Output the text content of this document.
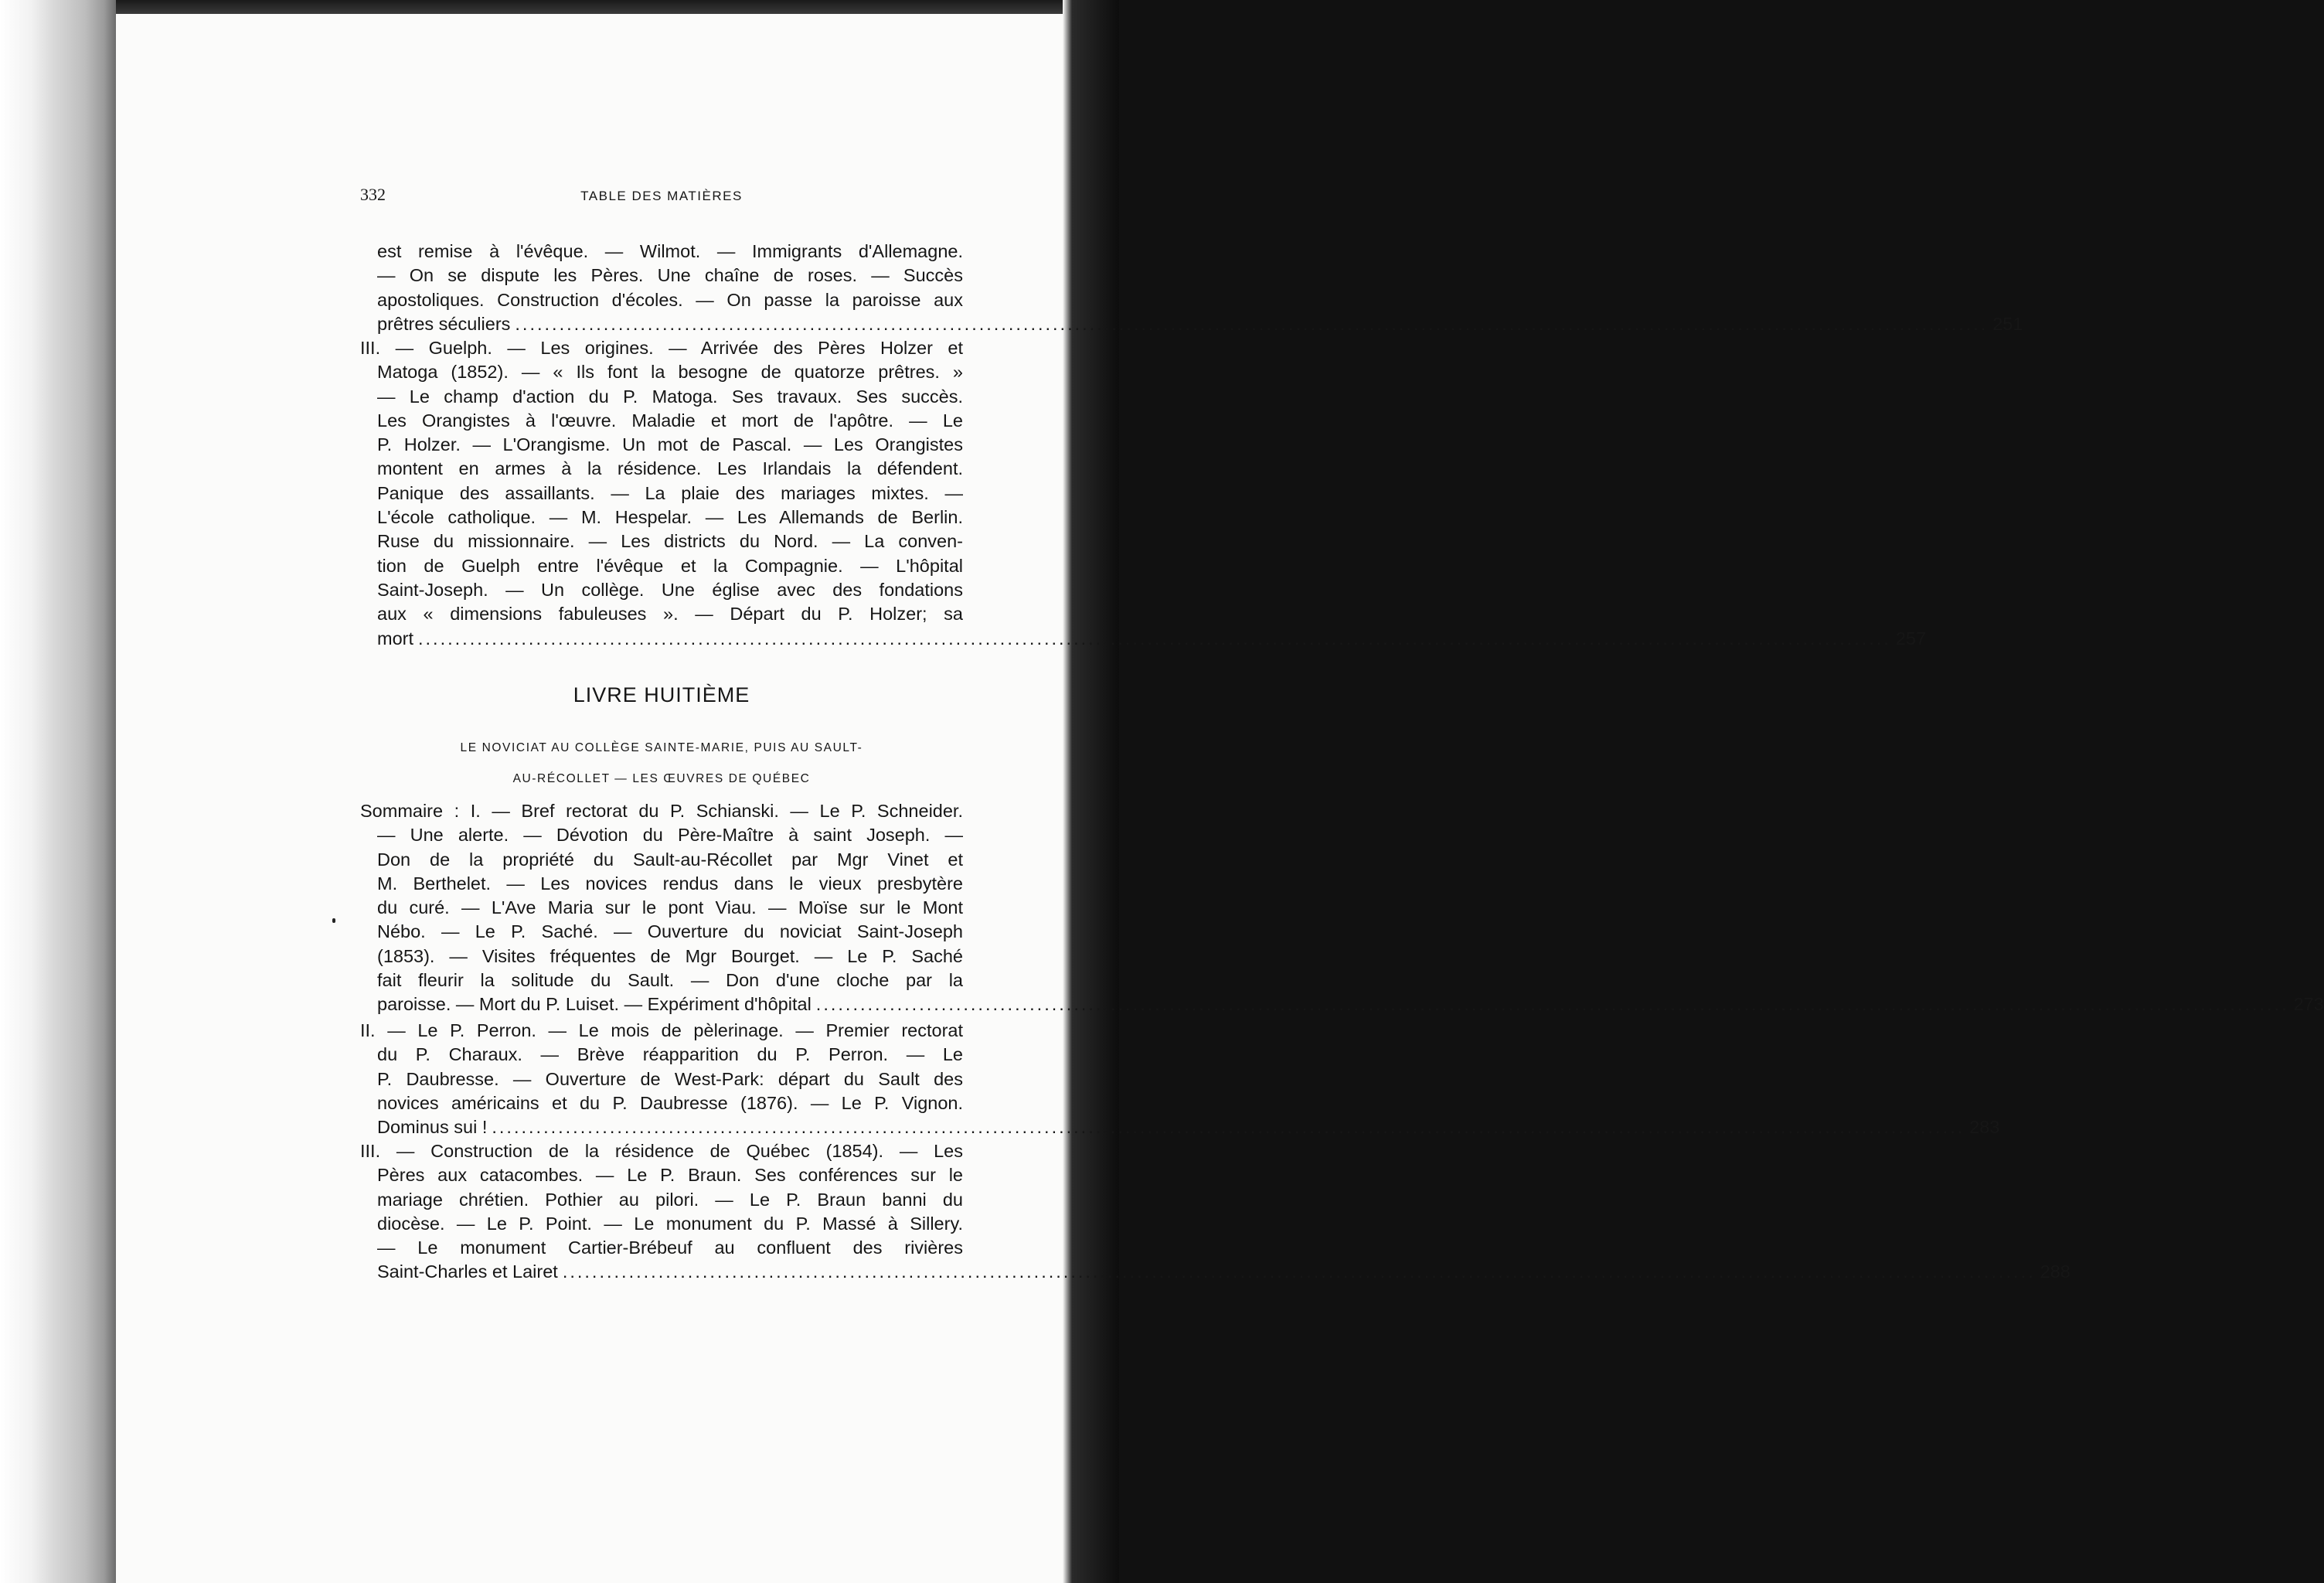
332	TABLE DES MATIÈRES
est remise à l'évêque. — Wilmot. — Immigrants d'Allemagne.
— On se dispute les Pères. Une chaîne de roses. — Succès
apostoliques. Construction d'écoles. — On passe la paroisse aux
prêtres séculiers ........................................................................................................................................................................................................ 251
III. — Guelph. — Les origines. — Arrivée des Pères Holzer et
Matoga (1852). — « Ils font la besogne de quatorze prêtres. »
— Le champ d'action du P. Matoga. Ses travaux. Ses succès.
Les Orangistes à l'œuvre. Maladie et mort de l'apôtre. — Le
P. Holzer. — L'Orangisme. Un mot de Pascal. — Les Orangistes
montent en armes à la résidence. Les Irlandais la défendent.
Panique des assaillants. — La plaie des mariages mixtes. —
L'école catholique. — M. Hespelar. — Les Allemands de Berlin.
Ruse du missionnaire. — Les districts du Nord. — La conven-
tion de Guelph entre l'évêque et la Compagnie. — L'hôpital
Saint-Joseph. — Un collège. Une église avec des fondations
aux « dimensions fabuleuses ». — Départ du P. Holzer; sa
mort ........................................................................................................................................................................................................ 257
LIVRE HUITIÈME
LE NOVICIAT AU COLLÈGE SAINTE-MARIE, PUIS AU SAULT-
AU-RÉCOLLET — LES ŒUVRES DE QUÉBEC
Sommaire : I. — Bref rectorat du P. Schianski. — Le P. Schneider.
— Une alerte. — Dévotion du Père-Maître à saint Joseph. —
Don de la propriété du Sault-au-Récollet par Mgr Vinet et
M. Berthelet. — Les novices rendus dans le vieux presbytère
du curé. — L'Ave Maria sur le pont Viau. — Moïse sur le Mont
Nébo. — Le P. Saché. — Ouverture du noviciat Saint-Joseph
(1853). — Visites fréquentes de Mgr Bourget. — Le P. Saché
fait fleurir la solitude du Sault. — Don d'une cloche par la
paroisse. — Mort du P. Luiset. — Expériment d'hôpital ........................................................................................................................................................................................................ 273
II. — Le P. Perron. — Le mois de pèlerinage. — Premier rectorat
du P. Charaux. — Brève réapparition du P. Perron. — Le
P. Daubresse. — Ouverture de West-Park: départ du Sault des
novices américains et du P. Daubresse (1876). — Le P. Vignon.
Dominus sui ! ........................................................................................................................................................................................................ 283
III. — Construction de la résidence de Québec (1854). — Les
Pères aux catacombes. — Le P. Braun. Ses conférences sur le
mariage chrétien. Pothier au pilori. — Le P. Braun banni du
diocèse. — Le P. Point. — Le monument du P. Massé à Sillery.
— Le monument Cartier-Brébeuf au confluent des rivières
Saint-Charles et Lairet ........................................................................................................................................................................................................ 288
